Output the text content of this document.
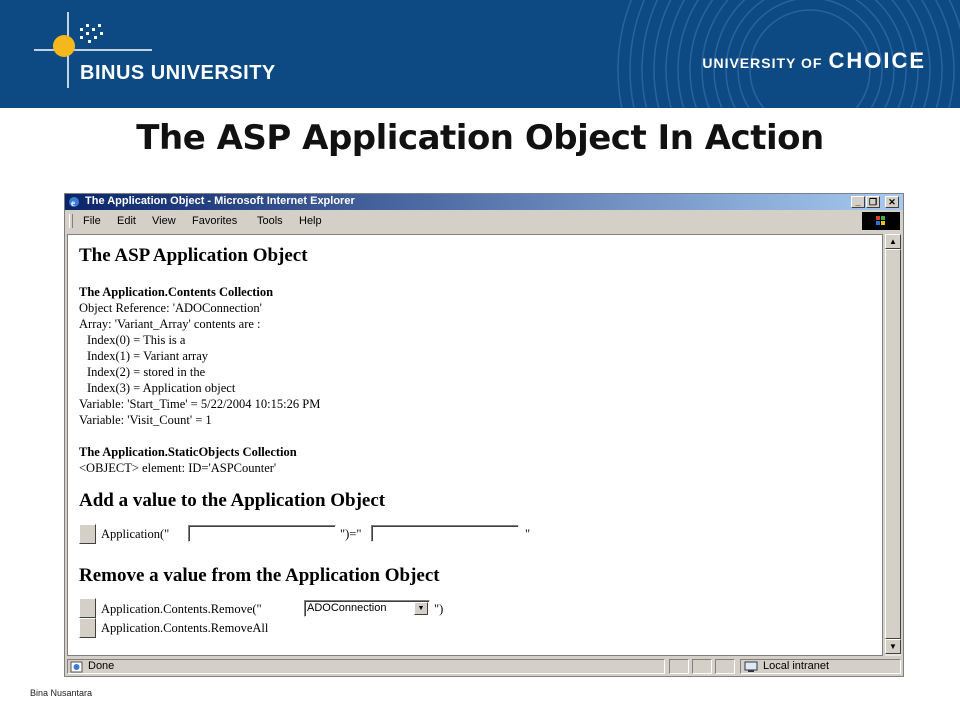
BINUS UNIVERSITY	UNIVERSITY OF CHOICE
The ASP Application Object In Action
e The Application Object - Microsoft Internet Explorer	_ ❐	✕
File Edit View Favorites Tools Help
The ASP Application Object
The Application.Contents Collection
Object Reference: 'ADOConnection'
Array: 'Variant_Array' contents are :
Index(0) = This is a
Index(1) = Variant array
Index(2) = stored in the
Index(3) = Application object
Variable: 'Start_Time' = 5/22/2004 10:15:26 PM
Variable: 'Visit_Count' = 1
The Application.StaticObjects Collection
<OBJECT> element: ID='ASPCounter'
Add a value to the Application Object
Application("	")="	"
Remove a value from the Application Object
Application.Contents.Remove("	ADOConnection	▼ ")
Application.Contents.RemoveAll
▲
▼
Done	Local intranet
Bina Nusantara
